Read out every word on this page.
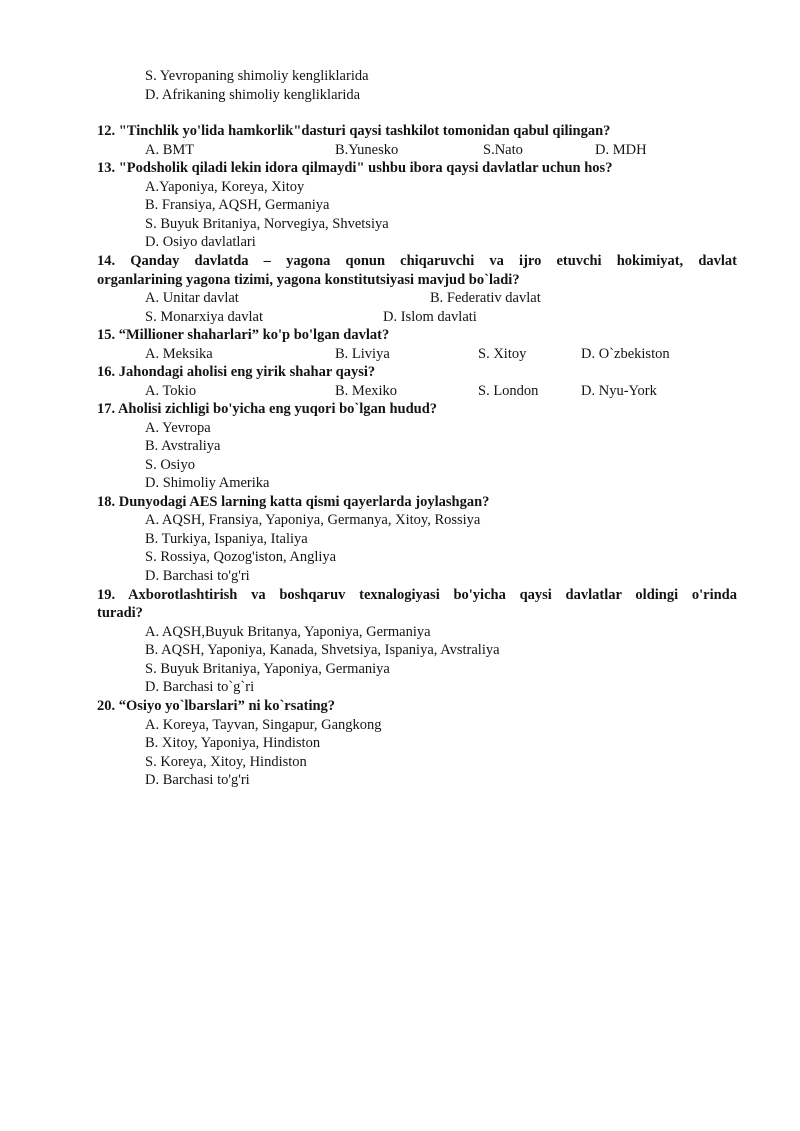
S. Yevropaning shimoliy kengliklarida
D. Afrikaning shimoliy kengliklarida
12. "Tinchlik yo'lida hamkorlik"dasturi qaysi tashkilot tomonidan qabul qilingan?
A. BMT	B.Yunesko	S.Nato	D. MDH
13. "Podsholik qiladi lekin idora qilmaydi" ushbu ibora qaysi davlatlar uchun hos?
A.Yaponiya, Koreya, Xitoy
B. Fransiya, AQSH, Germaniya
S. Buyuk Britaniya, Norvegiya, Shvetsiya
D. Osiyo davlatlari
14. Qanday davlatda – yagona qonun chiqaruvchi va ijro etuvchi hokimiyat, davlat
organlarining yagona tizimi, yagona konstitutsiyasi mavjud bo`ladi?
A. Unitar davlat	B. Federativ davlat
S. Monarxiya davlat	D. Islom davlati
15. “Millioner shaharlari” ko'p bo'lgan davlat?
A. Meksika	B. Liviya	S. Xitoy	D. O`zbekiston
16. Jahondagi aholisi eng yirik shahar qaysi?
A. Tokio	B. Mexiko	S. London	D. Nyu-York
17. Aholisi zichligi bo'yicha eng yuqori bo`lgan hudud?
A. Yevropa
B. Avstraliya
S. Osiyo
D. Shimoliy Amerika
18. Dunyodagi AES larning katta qismi qayerlarda joylashgan?
A. AQSH, Fransiya, Yaponiya, Germanya, Xitoy, Rossiya
B. Turkiya, Ispaniya, Italiya
S. Rossiya, Qozog'iston, Angliya
D. Barchasi to'g'ri
19. Axborotlashtirish va boshqaruv texnalogiyasi bo'yicha qaysi davlatlar oldingi o'rinda
turadi?
A. AQSH,Buyuk Britanya, Yaponiya, Germaniya
B. AQSH, Yaponiya, Kanada, Shvetsiya, Ispaniya, Avstraliya
S. Buyuk Britaniya, Yaponiya, Germaniya
D. Barchasi to`g`ri
20. “Osiyo yo`lbarslari” ni ko`rsating?
A. Koreya, Tayvan, Singapur, Gangkong
B. Xitoy, Yaponiya, Hindiston
S. Koreya, Xitoy, Hindiston
D. Barchasi to'g'ri
